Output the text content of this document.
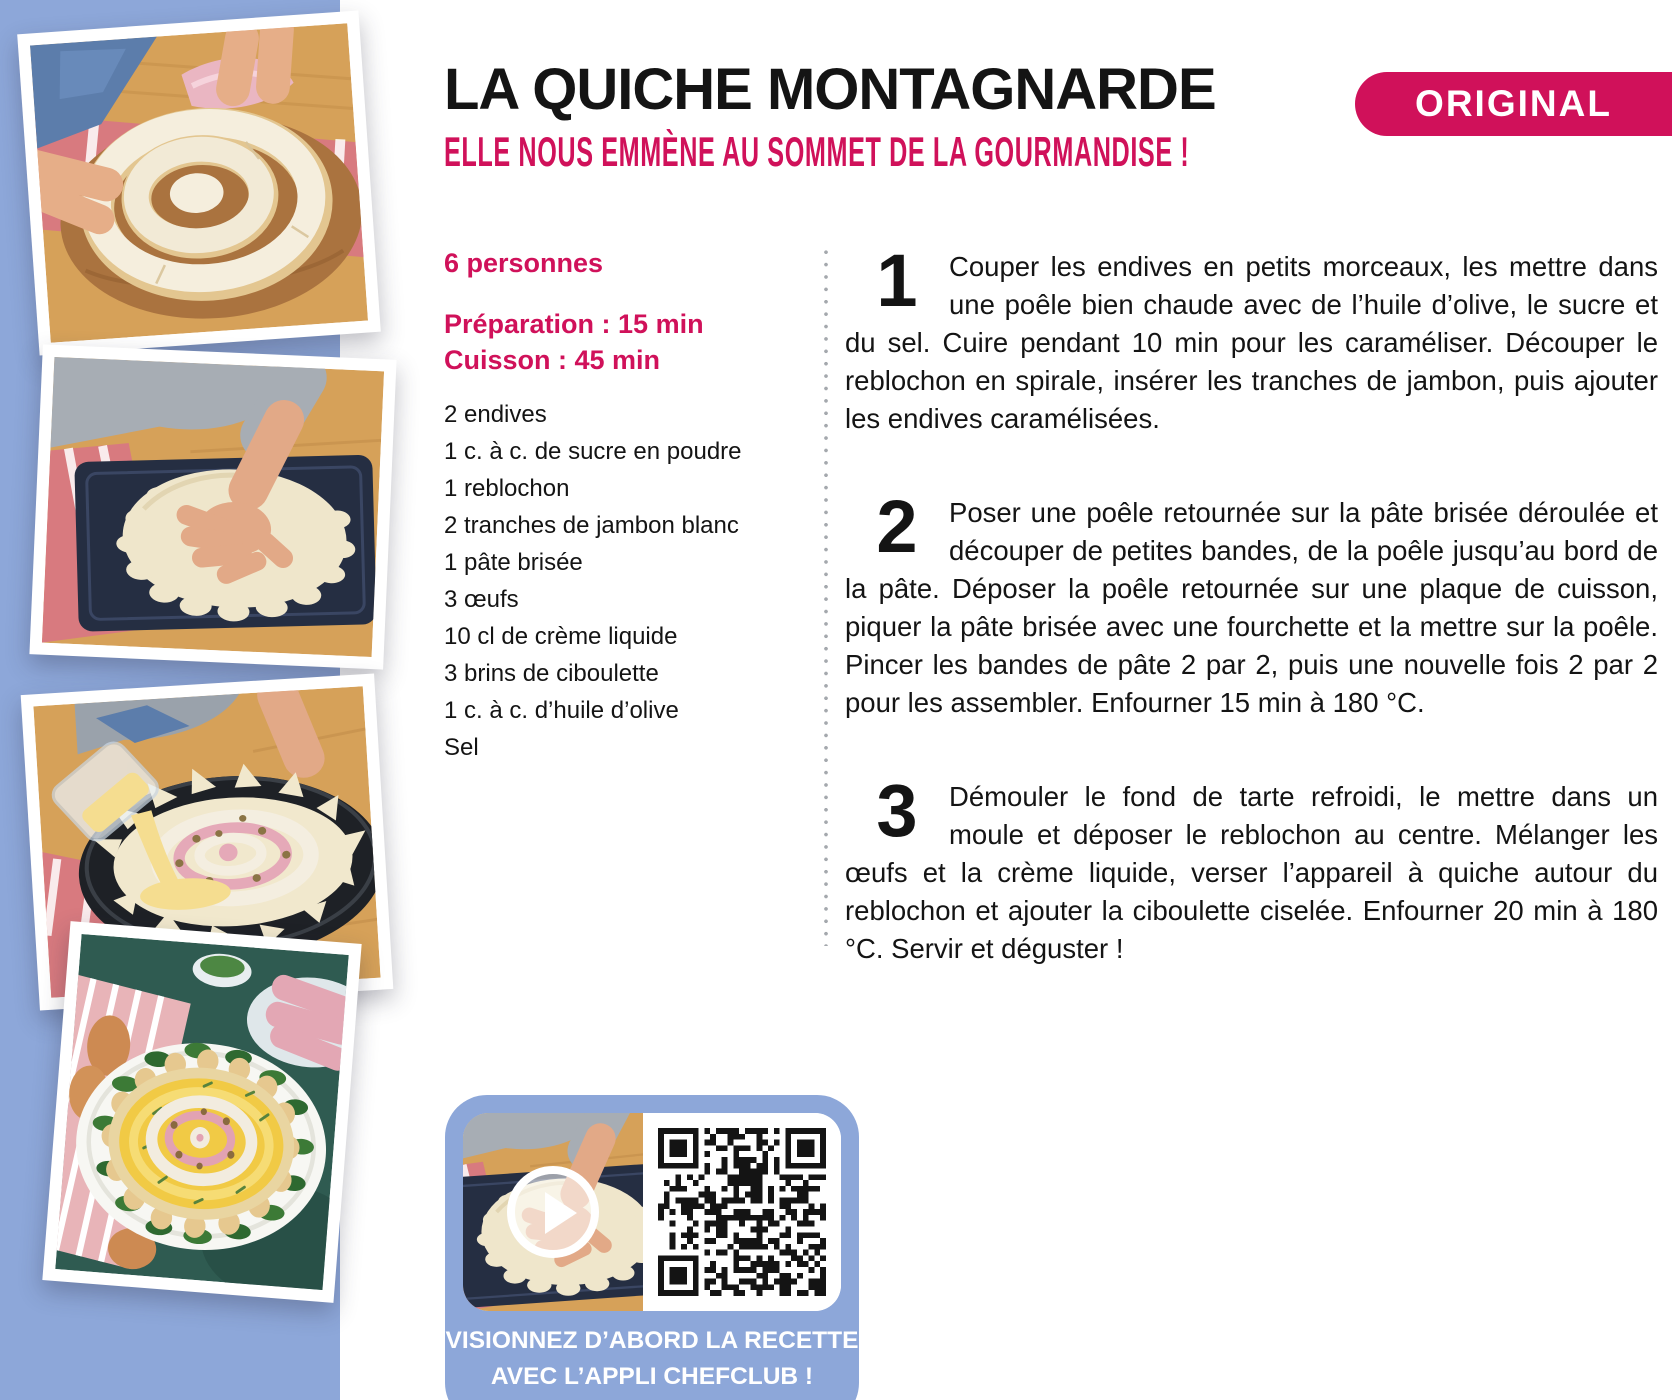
LA QUICHE MONTAGNARDE
ELLE NOUS EMMÈNE AU SOMMET DE LA GOURMANDISE !
ORIGINAL
6 personnes
Préparation : 15 min
Cuisson : 45 min
2 endives
1 c. à c. de sucre en poudre
1 reblochon
2 tranches de jambon blanc
1 pâte brisée
3 œufs
10 cl de crème liquide
3 brins de ciboulette
1 c. à c. d’huile d’olive
Sel
1	Couper les endives en petits morceaux, les mettre dans une poêle bien chaude avec de l’huile d’olive, le sucre et du sel. Cuire pendant 10 min pour les caraméliser. Découper le reblochon en spirale, insérer les tranches de jambon, puis ajouter les endives caramélisées.
2	Poser une poêle retournée sur la pâte brisée déroulée et découper de petites bandes, de la poêle jusqu’au bord de la pâte. Déposer la poêle retournée sur une plaque de cuisson, piquer la pâte brisée avec une fourchette et la mettre sur la poêle. Pincer les bandes de pâte 2 par 2, puis une nouvelle fois 2 par 2 pour les assembler. Enfourner 15 min à 180 °C.
3	Démouler le fond de tarte refroidi, le mettre dans un moule et déposer le reblochon au centre. Mélanger les œufs et la crème liquide, verser l’appareil à quiche autour du reblochon et ajouter la ciboulette ciselée. Enfourner 20 min à 180 °C. Servir et déguster !
VISIONNEZ D’ABORD LA RECETTE
AVEC L’APPLI CHEFCLUB !
